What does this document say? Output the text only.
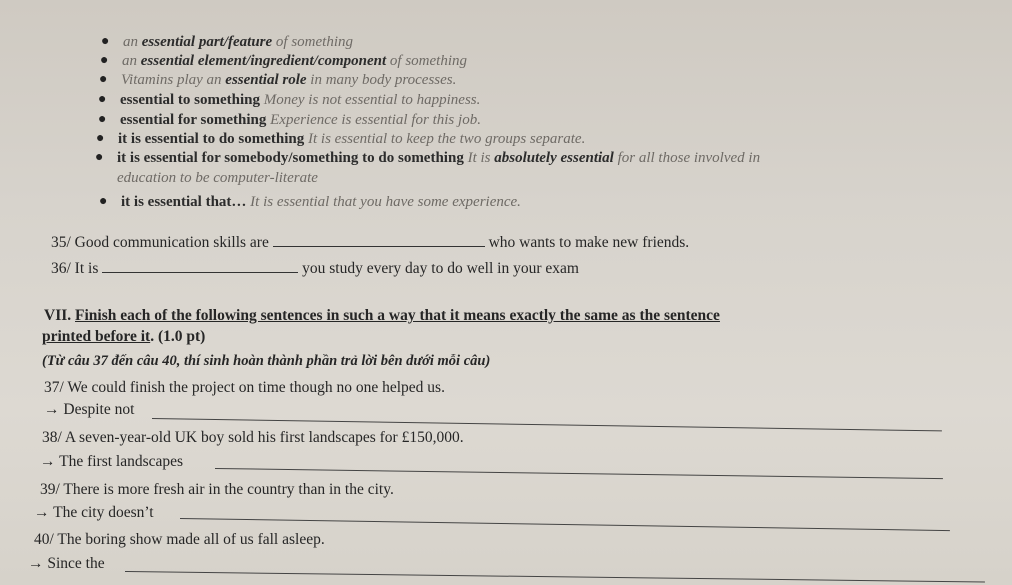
● an essential part/feature of something
● an essential element/ingredient/component of something
● Vitamins play an essential role in many body processes.
● essential to something Money is not essential to happiness.
● essential for something Experience is essential for this job.
● it is essential to do something It is essential to keep the two groups separate.
● it is essential for somebody/something to do something It is absolutely essential for all those involved in
education to be computer-literate
● it is essential that… It is essential that you have some experience.
35/ Good communication skills are	who wants to make new friends.
36/ It is	you study every day to do well in your exam
VII. Finish each of the following sentences in such a way that it means exactly the same as the sentence
printed before it. (1.0 pt)
(Từ câu 37 đến câu 40, thí sinh hoàn thành phần trả lời bên dưới mỗi câu)
37/ We could finish the project on time though no one helped us.
→ Despite not
38/ A seven-year-old UK boy sold his first landscapes for £150,000.
→ The first landscapes
39/ There is more fresh air in the country than in the city.
→ The city doesn’t
40/ The boring show made all of us fall asleep.
→ Since the
